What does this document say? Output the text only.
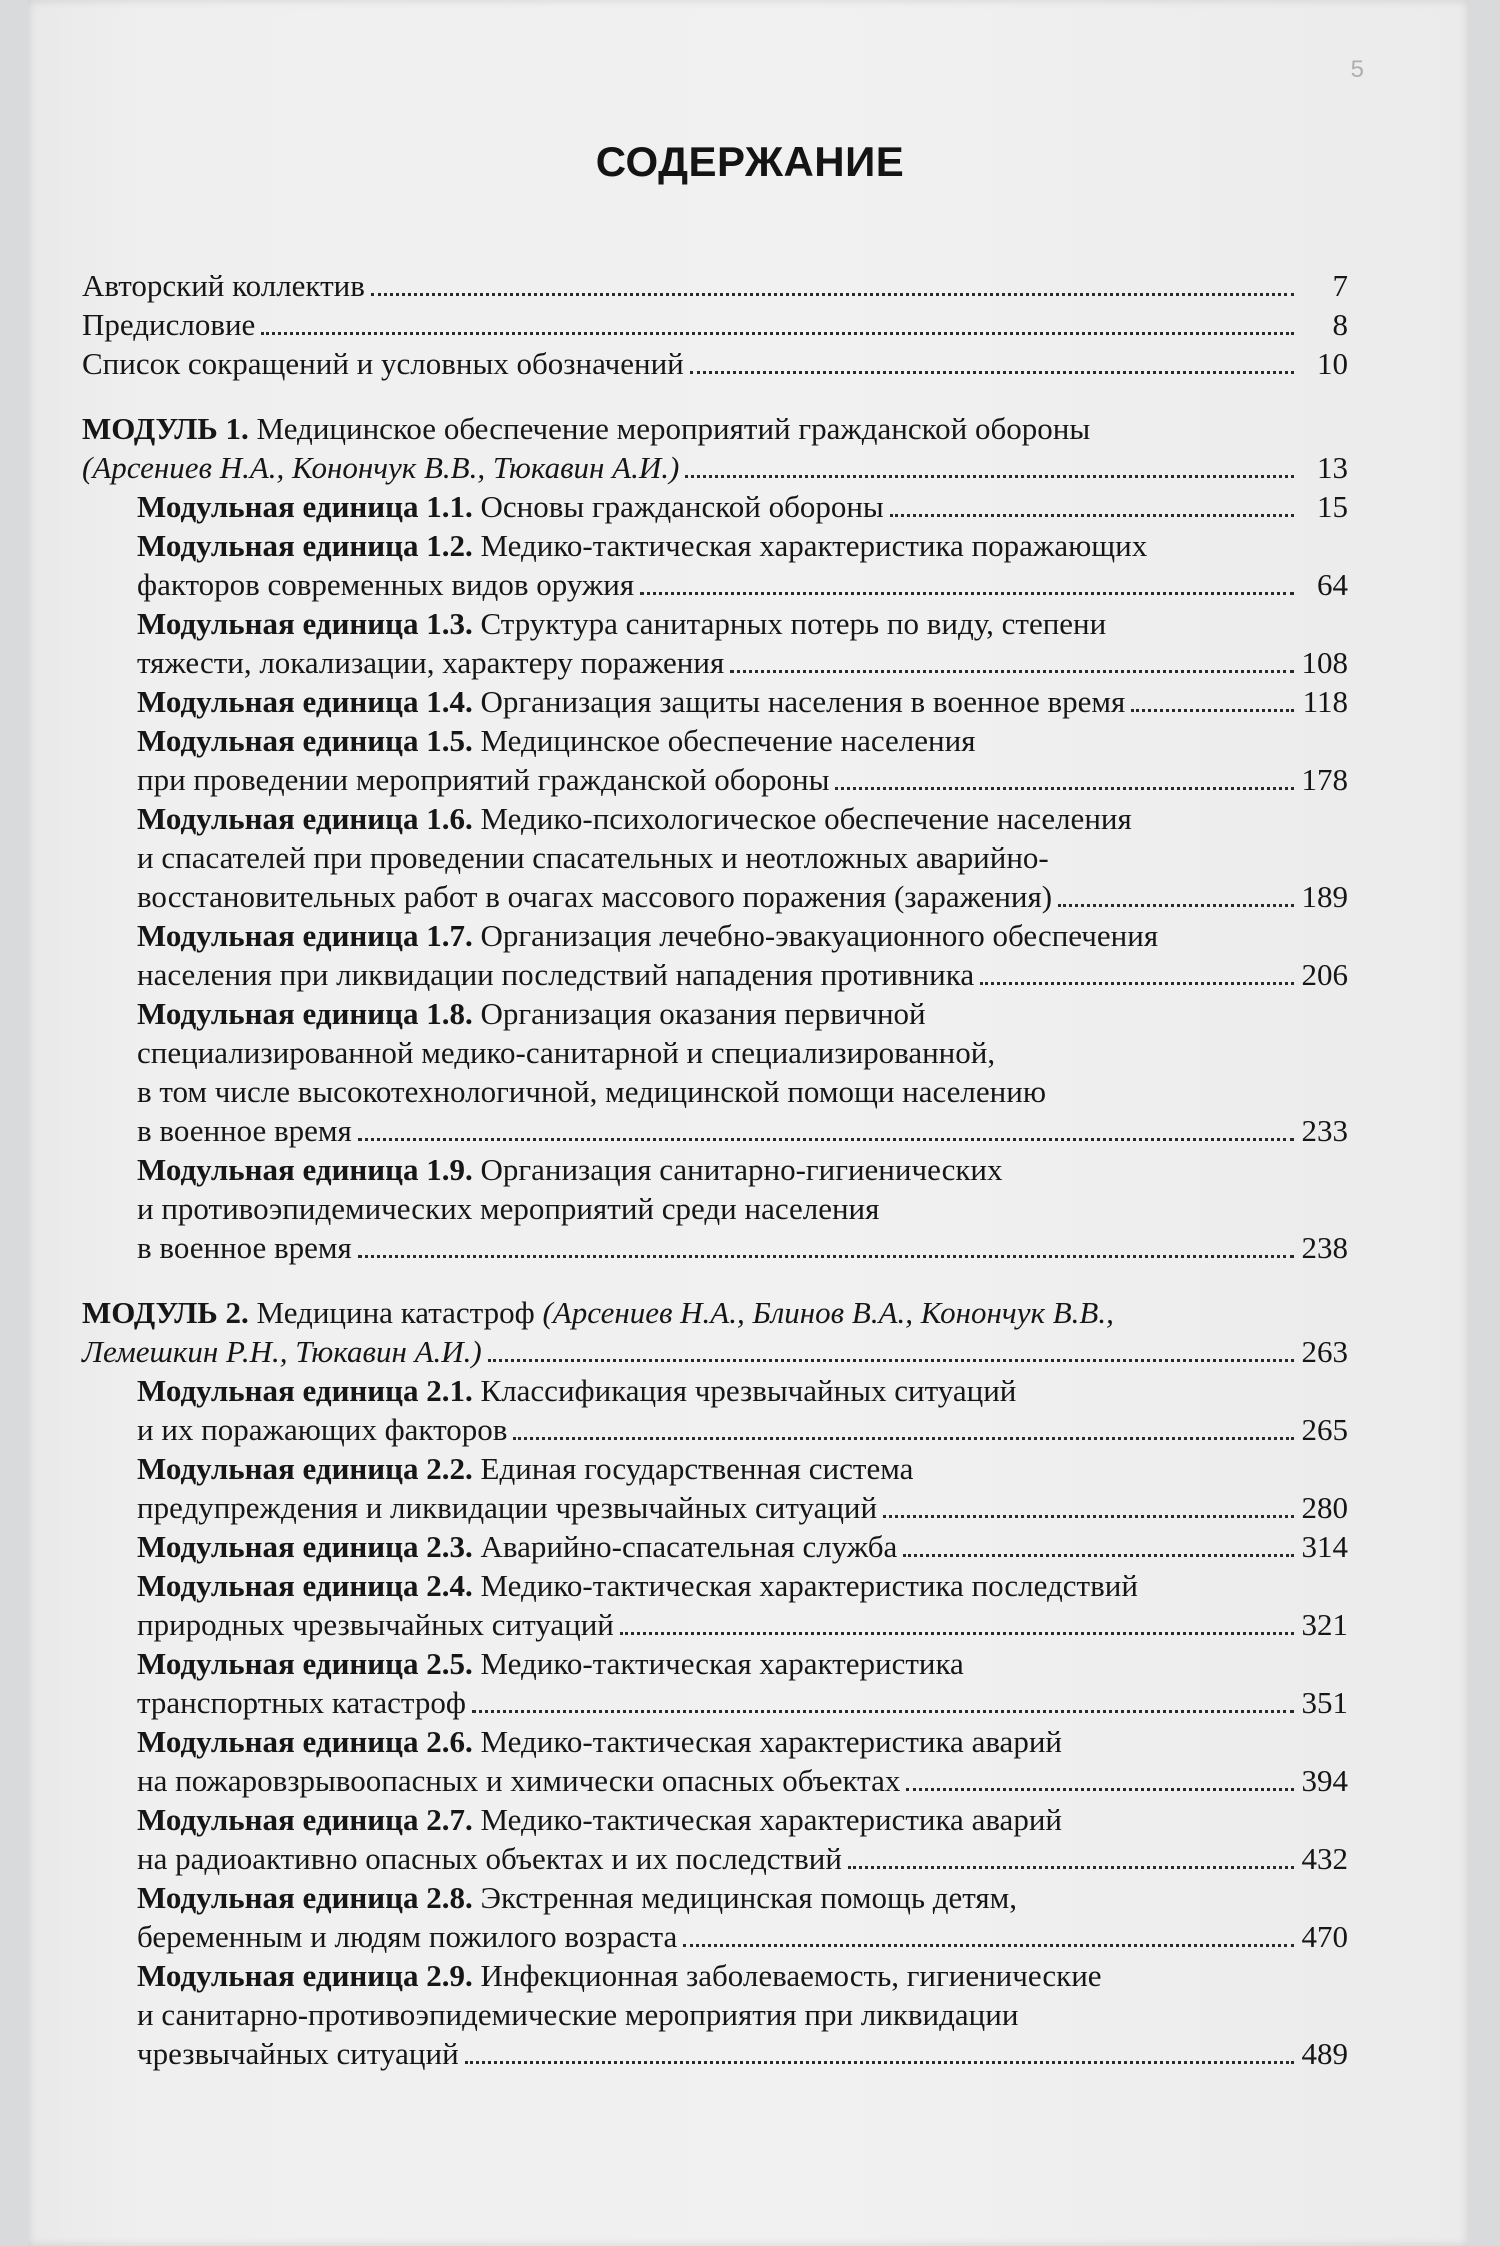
5
СОДЕРЖАНИЕ
Авторский коллектив	7
Предисловие	8
Список сокращений и условных обозначений	10
МОДУЛЬ 1. Медицинское обеспечение мероприятий гражданской обороны
(Арсениев Н.А., Конончук В.В., Тюкавин А.И.)	13
Модульная единица 1.1. Основы гражданской обороны	15
Модульная единица 1.2. Медико-тактическая характеристика поражающих
факторов современных видов оружия	64
Модульная единица 1.3. Структура санитарных потерь по виду, степени
тяжести, локализации, характеру поражения	108
Модульная единица 1.4. Организация защиты населения в военное время	118
Модульная единица 1.5. Медицинское обеспечение населения
при проведении мероприятий гражданской обороны	178
Модульная единица 1.6. Медико-психологическое обеспечение населения
и спасателей при проведении спасательных и неотложных аварийно-
восстановительных работ в очагах массового поражения (заражения)	189
Модульная единица 1.7. Организация лечебно-эвакуационного обеспечения
населения при ликвидации последствий нападения противника	206
Модульная единица 1.8. Организация оказания первичной
специализированной медико-санитарной и специализированной,
в том числе высокотехнологичной, медицинской помощи населению
в военное время	233
Модульная единица 1.9. Организация санитарно-гигиенических
и противоэпидемических мероприятий среди населения
в военное время	238
МОДУЛЬ 2. Медицина катастроф (Арсениев Н.А., Блинов В.А., Конончук В.В.,
Лемешкин Р.Н., Тюкавин А.И.)	263
Модульная единица 2.1. Классификация чрезвычайных ситуаций
и их поражающих факторов	265
Модульная единица 2.2. Единая государственная система
предупреждения и ликвидации чрезвычайных ситуаций	280
Модульная единица 2.3. Аварийно-спасательная служба	314
Модульная единица 2.4. Медико-тактическая характеристика последствий
природных чрезвычайных ситуаций	321
Модульная единица 2.5. Медико-тактическая характеристика
транспортных катастроф	351
Модульная единица 2.6. Медико-тактическая характеристика аварий
на пожаровзрывоопасных и химически опасных объектах	394
Модульная единица 2.7. Медико-тактическая характеристика аварий
на радиоактивно опасных объектах и их последствий	432
Модульная единица 2.8. Экстренная медицинская помощь детям,
беременным и людям пожилого возраста	470
Модульная единица 2.9. Инфекционная заболеваемость, гигиенические
и санитарно-противоэпидемические мероприятия при ликвидации
чрезвычайных ситуаций	489
